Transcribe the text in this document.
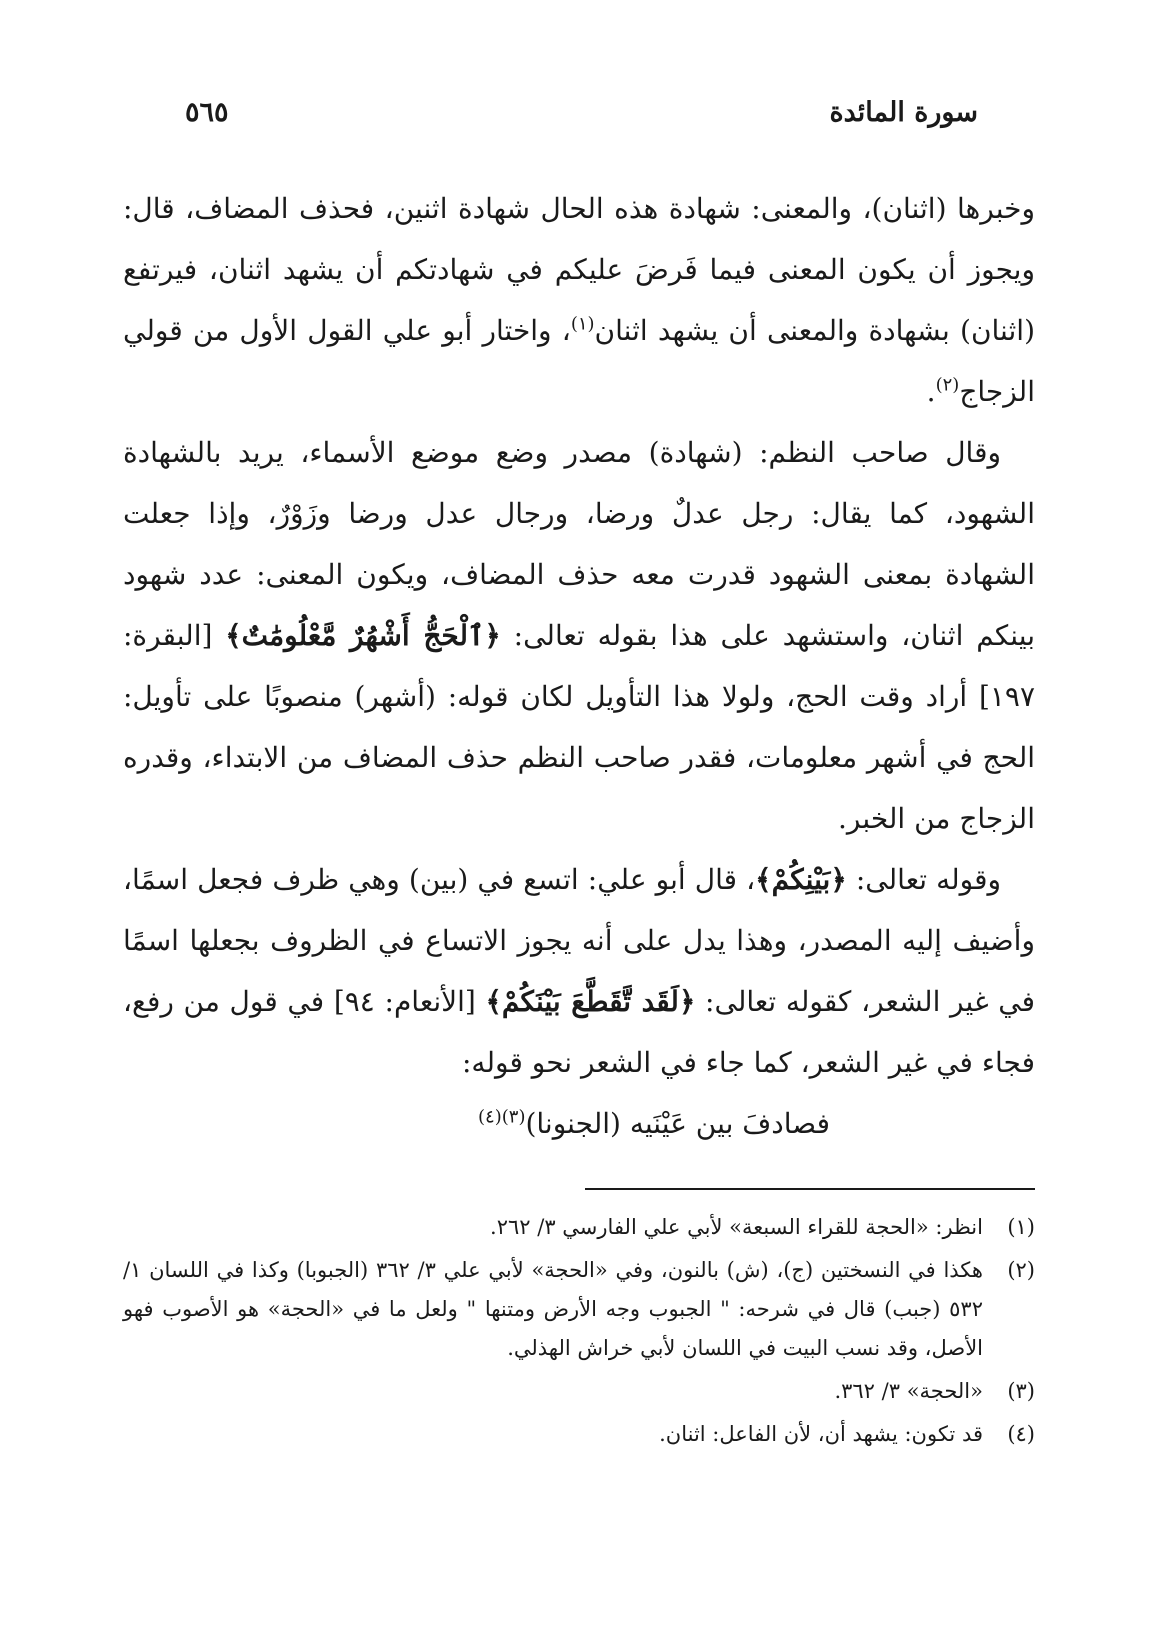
سورة المائدة
٥٦٥

وخبرها (اثنان)، والمعنى: شهادة هذه الحال شهادة اثنين، فحذف المضاف، قال: ويجوز أن يكون المعنى فيما فَرضَ عليكم في شهادتكم أن يشهد اثنان، فيرتفع (اثنان) بشهادة والمعنى أن يشهد اثنان$^{(١)}$، واختار أبو علي القول الأول من قولي الزجاج$^{(٢)}$.

وقال صاحب النظم: (شهادة) مصدر وضع موضع الأسماء، يريد بالشهادة الشهود، كما يقال: رجل عدلٌ ورضا، ورجال عدل ورضا وزَوْرٌ، وإذا جعلت الشهادة بمعنى الشهود قدرت معه حذف المضاف، ويكون المعنى: عدد شهود بينكم اثنان، واستشهد على هذا بقوله تعالى: ﴿ٱلْحَجُّ أَشْهُرٌ مَّعْلُومَٰتٌ﴾ [البقرة: ١٩٧] أراد وقت الحج، ولولا هذا التأويل لكان قوله: (أشهر) منصوبًا على تأويل: الحج في أشهر معلومات، فقدر صاحب النظم حذف المضاف من الابتداء، وقدره الزجاج من الخبر.

وقوله تعالى: ﴿بَيْنِكُمْ﴾، قال أبو علي: اتسع في (بين) وهي ظرف فجعل اسمًا، وأضيف إليه المصدر، وهذا يدل على أنه يجوز الاتساع في الظروف بجعلها اسمًا في غير الشعر، كقوله تعالى: ﴿لَقَد تَّقَطَّعَ بَيْنَكُمْ﴾ [الأنعام: ٩٤] في قول من رفع، فجاء في غير الشعر، كما جاء في الشعر نحو قوله:

فصادفَ بين عَيْنَيه (الجنونا)$^{(٣)(٤)}$

(١)
انظر: «الحجة للقراء السبعة» لأبي علي الفارسي ٣/ ٢٦٢.
(٢)
هكذا في النسختين (ج)، (ش) بالنون، وفي «الحجة» لأبي علي ٣/ ٣٦٢ (الجبوبا) وكذا في اللسان ١/ ٥٣٢ (جبب) قال في شرحه: " الجبوب وجه الأرض ومتنها " ولعل ما في «الحجة» هو الأصوب فهو الأصل، وقد نسب البيت في اللسان لأبي خراش الهذلي.
(٣)
«الحجة» ٣/ ٣٦٢.
(٤)
قد تكون: يشهد أن، لأن الفاعل: اثنان.
